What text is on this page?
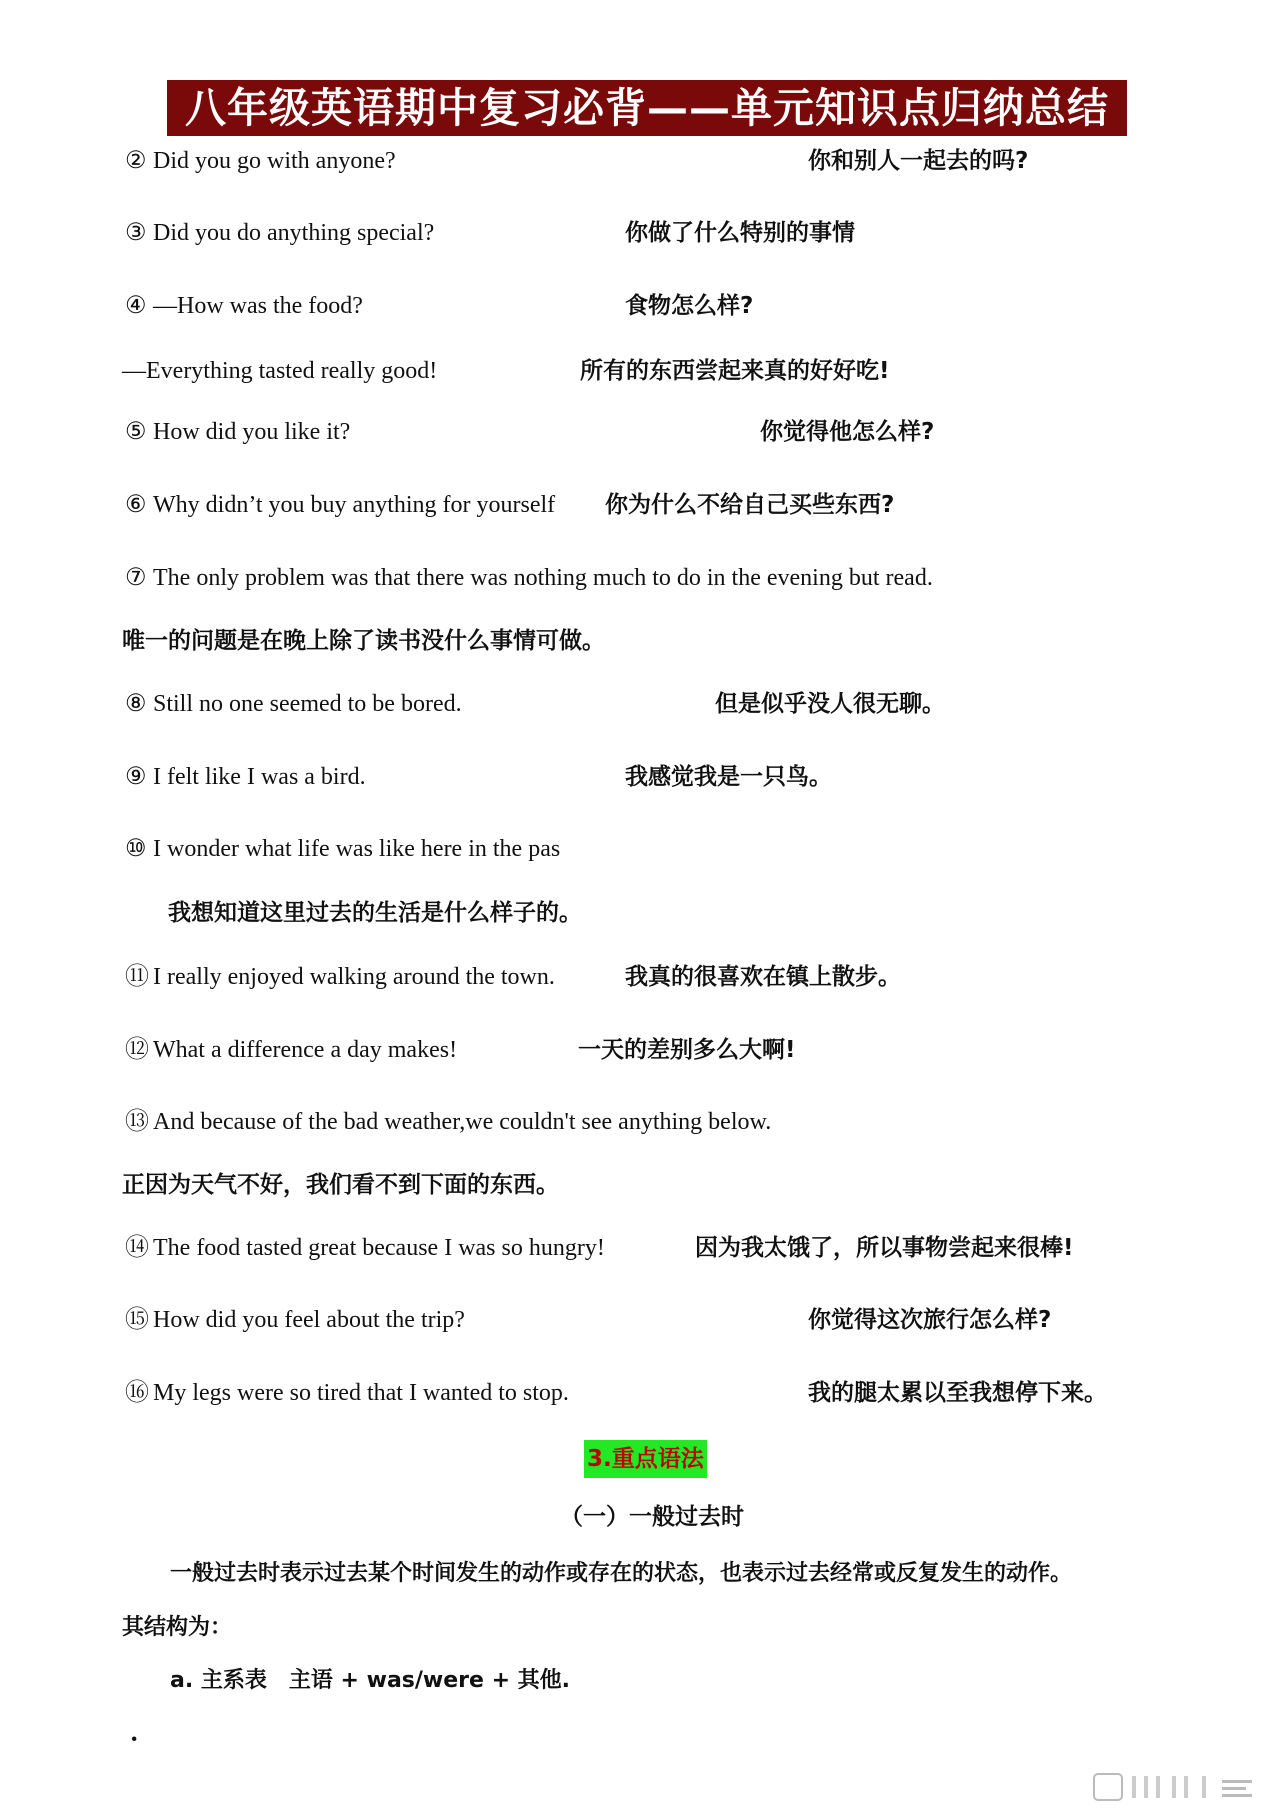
八年级英语期中复习必背——单元知识点归纳总结
② Did you go with anyone?	你和别人一起去的吗?
③ Did you do anything special?	你做了什么特别的事情
④ —How was the food?	食物怎么样?
—Everything tasted really good!	所有的东西尝起来真的好好吃!
⑤ How did you like it?	你觉得他怎么样?
⑥ Why didn’t you buy anything for yourself 你为什么不给自己买些东西?
⑦ The only problem was that there was nothing much to do in the evening but read.
唯一的问题是在晚上除了读书没什么事情可做。
⑧ Still no one seemed to be bored.	但是似乎没人很无聊。
⑨ I felt like I was a bird.	我感觉我是一只鸟。
⑩ I wonder what life was like here in the pas
我想知道这里过去的生活是什么样子的。
⑪ I really enjoyed walking around the town.	我真的很喜欢在镇上散步。
⑫ What a difference a day makes!	一天的差别多么大啊!
⑬ And because of the bad weather,we couldn't see anything below.
正因为天气不好，我们看不到下面的东西。
⑭ The food tasted great because I was so hungry!	因为我太饿了，所以事物尝起来很棒!
⑮ How did you feel about the trip?	你觉得这次旅行怎么样?
⑯ My legs were so tired that I wanted to stop.	我的腿太累以至我想停下来。
3.重点语法
（一）一般过去时
一般过去时表示过去某个时间发生的动作或存在的状态，也表示过去经常或反复发生的动作。
其结构为：
a. 主系表　主语 + was/were + 其他.
·
